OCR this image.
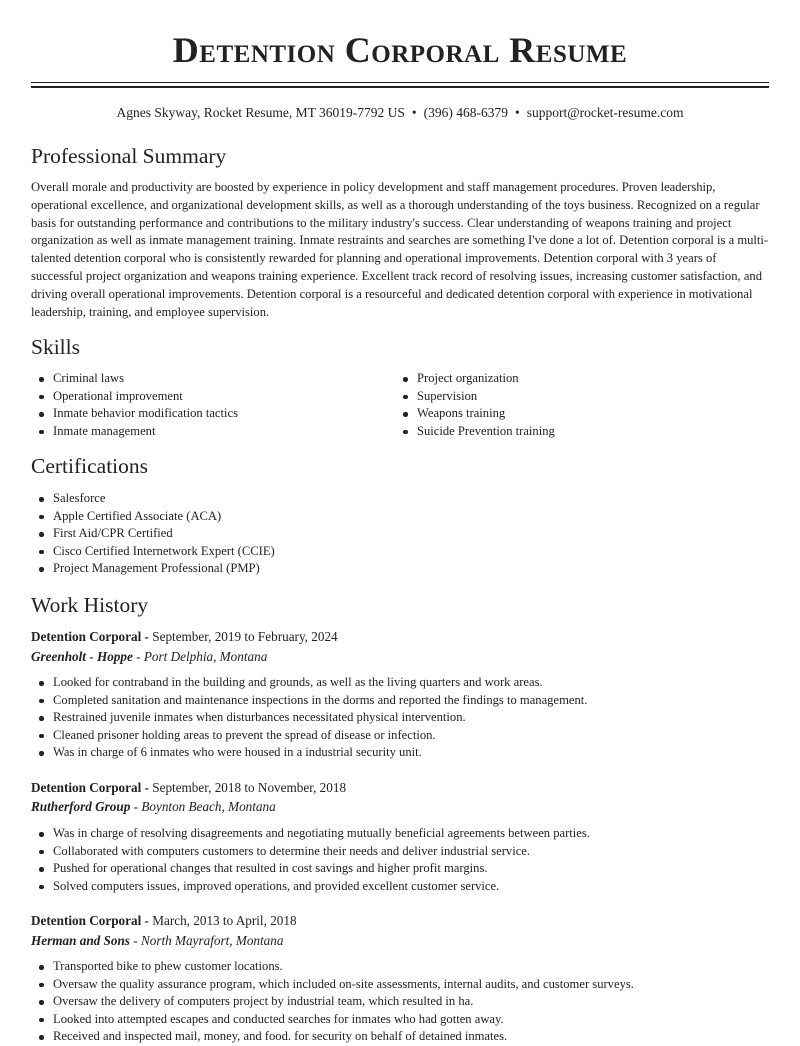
Detention Corporal Resume
Agnes Skyway, Rocket Resume, MT 36019-7792 US • (396) 468-6379 • support@rocket-resume.com
Professional Summary

Overall morale and productivity are boosted by experience in policy development and staff management procedures. Proven leadership, operational excellence, and organizational development skills, as well as a thorough understanding of the toys business. Recognized on a regular basis for outstanding performance and contributions to the military industry's success. Clear understanding of weapons training and project organization as well as inmate management training. Inmate restraints and searches are something I've done a lot of. Detention corporal is a multi-talented detention corporal who is consistently rewarded for planning and operational improvements. Detention corporal with 3 years of successful project organization and weapons training experience. Excellent track record of resolving issues, increasing customer satisfaction, and driving overall operational improvements. Detention corporal is a resourceful and dedicated detention corporal with experience in motivational leadership, training, and employee supervision.

Skills
Criminal laws
Operational improvement
Inmate behavior modification tactics
Inmate management
Project organization
Supervision
Weapons training
Suicide Prevention training
Certifications
Salesforce
Apple Certified Associate (ACA)
First Aid/CPR Certified
Cisco Certified Internetwork Expert (CCIE)
Project Management Professional (PMP)
Work History
Detention Corporal - September, 2019 to February, 2024
Greenholt - Hoppe - Port Delphia, Montana
Looked for contraband in the building and grounds, as well as the living quarters and work areas.
Completed sanitation and maintenance inspections in the dorms and reported the findings to management.
Restrained juvenile inmates when disturbances necessitated physical intervention.
Cleaned prisoner holding areas to prevent the spread of disease or infection.
Was in charge of 6 inmates who were housed in a industrial security unit.
Detention Corporal - September, 2018 to November, 2018
Rutherford Group - Boynton Beach, Montana
Was in charge of resolving disagreements and negotiating mutually beneficial agreements between parties.
Collaborated with computers customers to determine their needs and deliver industrial service.
Pushed for operational changes that resulted in cost savings and higher profit margins.
Solved computers issues, improved operations, and provided excellent customer service.
Detention Corporal - March, 2013 to April, 2018
Herman and Sons - North Mayrafort, Montana
Transported bike to phew customer locations.
Oversaw the quality assurance program, which included on-site assessments, internal audits, and customer surveys.
Oversaw the delivery of computers project by industrial team, which resulted in ha.
Looked into attempted escapes and conducted searches for inmates who had gotten away.
Received and inspected mail, money, and food. for security on behalf of detained inmates.
